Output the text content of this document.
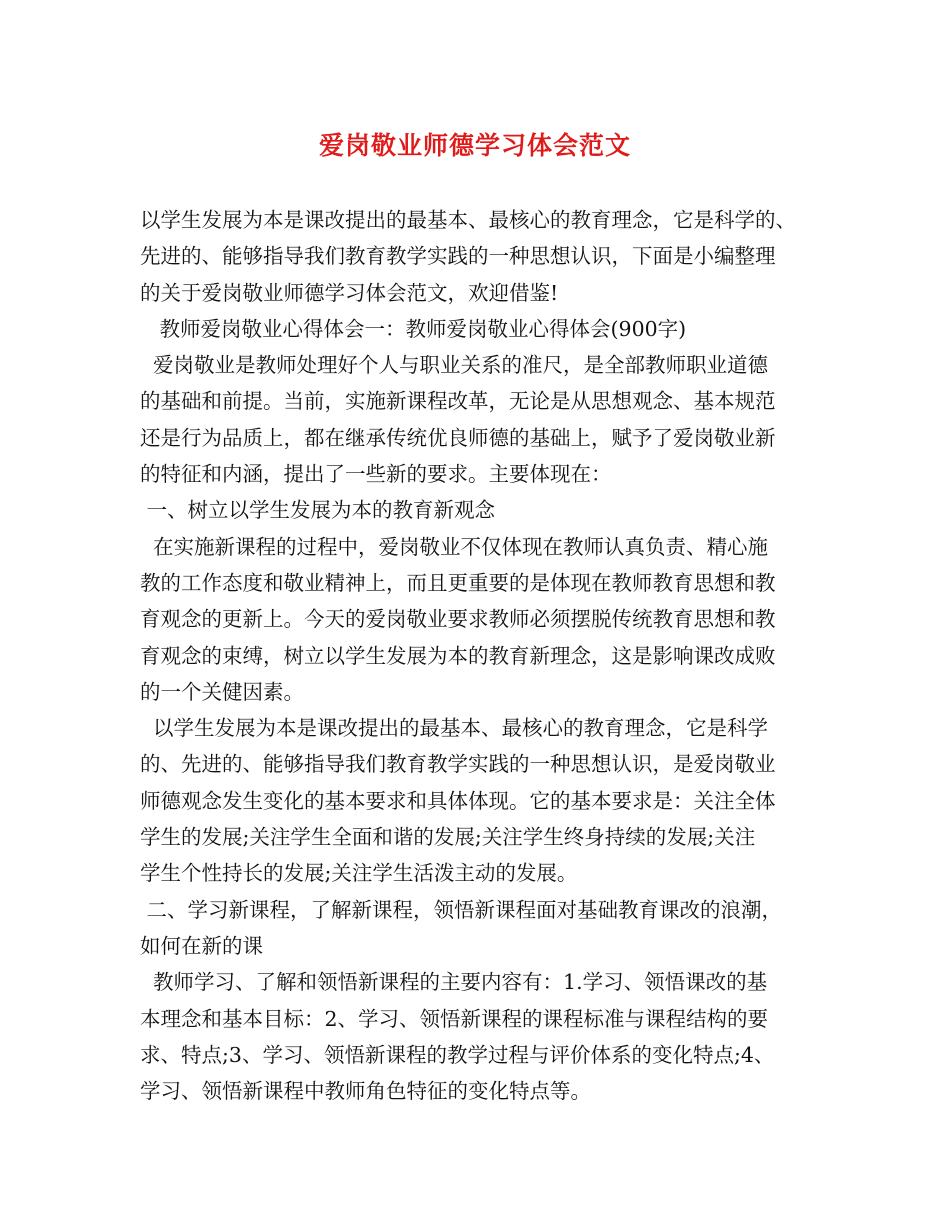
爱岗敬业师德学习体会范文
以学生发展为本是课改提出的最基本、最核心的教育理念，它是科学的、
先进的、能够指导我们教育教学实践的一种思想认识，下面是小编整理
的关于爱岗敬业师德学习体会范文，欢迎借鉴!
教师爱岗敬业心得体会一：教师爱岗敬业心得体会(900字)
爱岗敬业是教师处理好个人与职业关系的准尺，是全部教师职业道德
的基础和前提。当前，实施新课程改革，无论是从思想观念、基本规范
还是行为品质上，都在继承传统优良师德的基础上，赋予了爱岗敬业新
的特征和内涵，提出了一些新的要求。主要体现在：
一、树立以学生发展为本的教育新观念
在实施新课程的过程中，爱岗敬业不仅体现在教师认真负责、精心施
教的工作态度和敬业精神上，而且更重要的是体现在教师教育思想和教
育观念的更新上。今天的爱岗敬业要求教师必须摆脱传统教育思想和教
育观念的束缚，树立以学生发展为本的教育新理念，这是影响课改成败
的一个关健因素。
以学生发展为本是课改提出的最基本、最核心的教育理念，它是科学
的、先进的、能够指导我们教育教学实践的一种思想认识，是爱岗敬业
师德观念发生变化的基本要求和具体体现。它的基本要求是：关注全体
学生的发展;关注学生全面和谐的发展;关注学生终身持续的发展;关注
学生个性持长的发展;关注学生活泼主动的发展。
二、学习新课程，了解新课程，领悟新课程面对基础教育课改的浪潮，
如何在新的课
教师学习、了解和领悟新课程的主要内容有：1.学习、领悟课改的基
本理念和基本目标：2、学习、领悟新课程的课程标准与课程结构的要
求、特点;3、学习、领悟新课程的教学过程与评价体系的变化特点;4、
学习、领悟新课程中教师角色特征的变化特点等。
